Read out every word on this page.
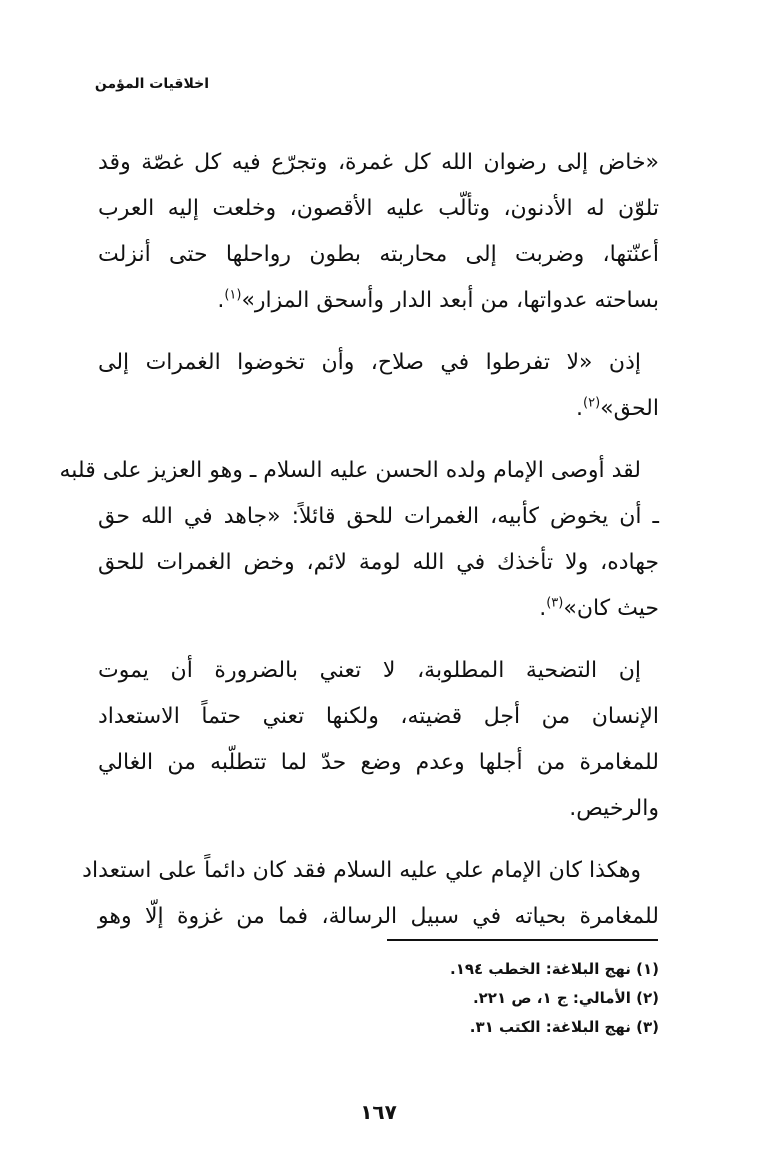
اخلاقيات المؤمن
«خاض إلى رضوان الله كل غمرة، وتجرّع فيه كل غصّة وقد
تلوّن له الأدنون، وتألّب عليه الأقصون، وخلعت إليه العرب
أعنّتها، وضربت إلى محاربته بطون رواحلها حتى أنزلت
بساحته عدواتها، من أبعد الدار وأسحق المزار»$^{(١)}$.
إذن «لا تفرطوا في صلاح، وأن تخوضوا الغمرات إلى
الحق»$^{(٢)}$.
لقد أوصى الإمام ولده الحسن عليه السلام ـ وهو العزيز على قلبه
ـ أن يخوض كأبيه، الغمرات للحق قائلاً: «جاهد في الله حق
جهاده، ولا تأخذك في الله لومة لائم، وخض الغمرات للحق
حيث كان»$^{(٣)}$.
إن التضحية المطلوبة، لا تعني بالضرورة أن يموت
الإنسان من أجل قضيته، ولكنها تعني حتماً الاستعداد
للمغامرة من أجلها وعدم وضع حدّ لما تتطلّبه من الغالي
والرخيص.
وهكذا كان الإمام علي عليه السلام فقد كان دائماً على استعداد
للمغامرة بحياته في سبيل الرسالة، فما من غزوة إلّا وهو
(١) نهج البلاغة: الخطب ١٩٤.
(٢) الأمالي: ج ١، ص ٢٢١.
(٣) نهج البلاغة: الكتب ٣١.
١٦٧
